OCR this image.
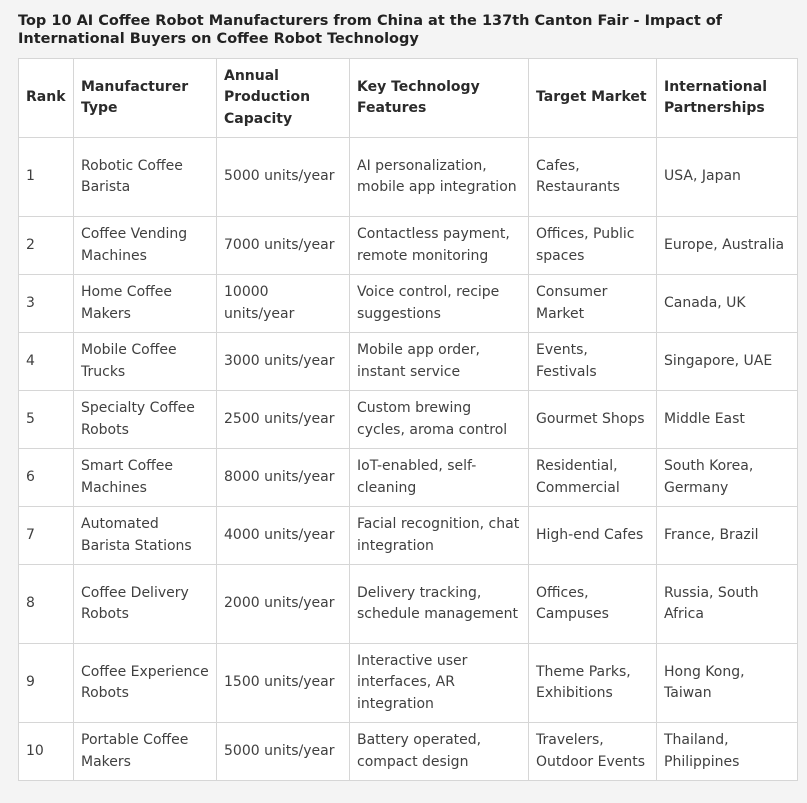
Top 10 AI Coffee Robot Manufacturers from China at the 137th Canton Fair - Impact of International Buyers on Coffee Robot Technology
Rank	Manufacturer Type	Annual Production Capacity	Key Technology Features	Target Market	International Partnerships
1	Robotic Coffee Barista	5000 units/year	AI personalization, mobile app integration	Cafes, Restaurants	USA, Japan
2	Coffee Vending Machines	7000 units/year	Contactless payment, remote monitoring	Offices, Public spaces	Europe, Australia
3	Home Coffee Makers	10000 units/year	Voice control, recipe suggestions	Consumer Market	Canada, UK
4	Mobile Coffee Trucks	3000 units/year	Mobile app order, instant service	Events, Festivals	Singapore, UAE
5	Specialty Coffee Robots	2500 units/year	Custom brewing cycles, aroma control	Gourmet Shops	Middle East
6	Smart Coffee Machines	8000 units/year	IoT-enabled, self-cleaning	Residential, Commercial	South Korea, Germany
7	Automated Barista Stations	4000 units/year	Facial recognition, chat integration	High-end Cafes	France, Brazil
8	Coffee Delivery Robots	2000 units/year	Delivery tracking, schedule management	Offices, Campuses	Russia, South Africa
9	Coffee Experience Robots	1500 units/year	Interactive user interfaces, AR integration	Theme Parks, Exhibitions	Hong Kong, Taiwan
10	Portable Coffee Makers	5000 units/year	Battery operated, compact design	Travelers, Outdoor Events	Thailand, Philippines
